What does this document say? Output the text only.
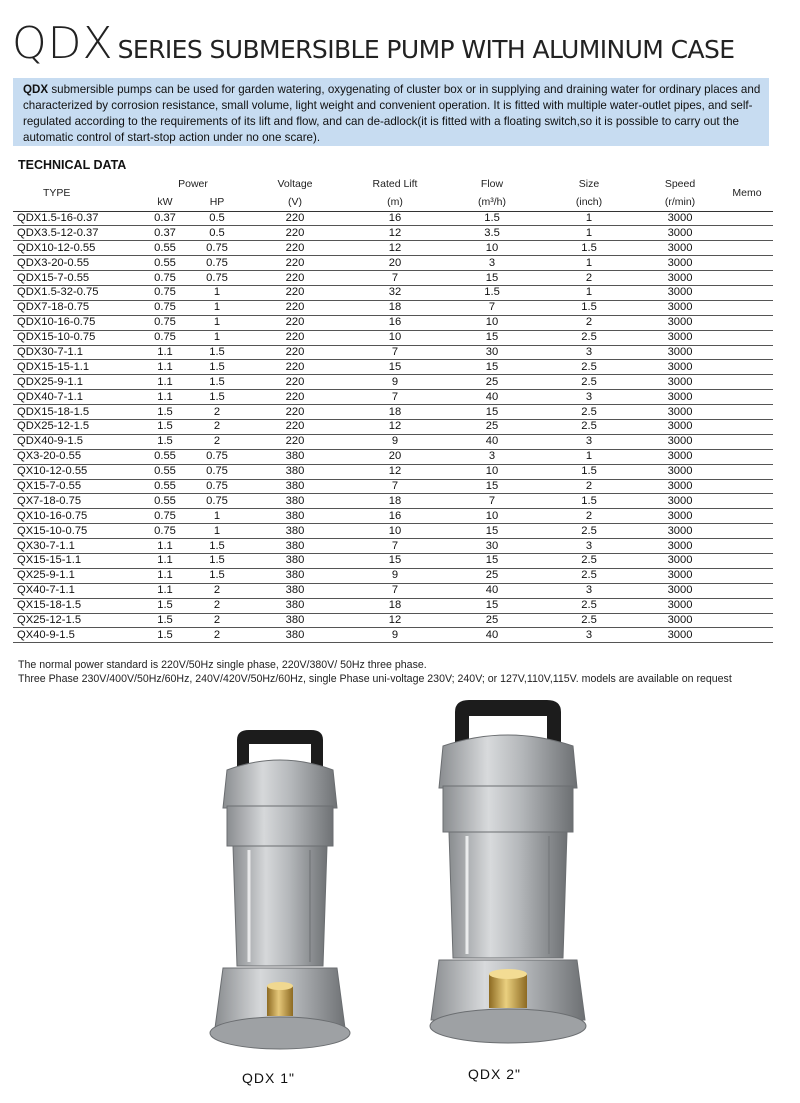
QDX SERIES SUBMERSIBLE PUMP WITH ALUMINUM CASE
QDX submersible pumps can be used for garden watering, oxygenating of cluster box or in supplying and draining water for ordinary places and characterized by corrosion resistance, small volume, light weight and convenient operation. It is fitted with multiple water-outlet pipes, and self-regulated according to the requirements of its lift and flow, and can de-adlock(it is fitted with a floating switch,so it is possible to carry out the automatic control of start-stop action under no one scare).
TECHNICAL DATA
TYPE	Power		Voltage	Rated Lift	Flow	Size	Speed	Memo
	kW	HP	(V)	(m)	(m³/h)	(inch)	(r/min)	
QDX1.5-16-0.37	0.37	0.5	220	16	1.5	1	3000	
QDX3.5-12-0.37	0.37	0.5	220	12	3.5	1	3000	
QDX10-12-0.55	0.55	0.75	220	12	10	1.5	3000	
QDX3-20-0.55	0.55	0.75	220	20	3	1	3000	
QDX15-7-0.55	0.75	0.75	220	7	15	2	3000	
QDX1.5-32-0.75	0.75	1	220	32	1.5	1	3000	
QDX7-18-0.75	0.75	1	220	18	7	1.5	3000	
QDX10-16-0.75	0.75	1	220	16	10	2	3000	
QDX15-10-0.75	0.75	1	220	10	15	2.5	3000	
QDX30-7-1.1	1.1	1.5	220	7	30	3	3000	
QDX15-15-1.1	1.1	1.5	220	15	15	2.5	3000	
QDX25-9-1.1	1.1	1.5	220	9	25	2.5	3000	
QDX40-7-1.1	1.1	1.5	220	7	40	3	3000	
QDX15-18-1.5	1.5	2	220	18	15	2.5	3000	
QDX25-12-1.5	1.5	2	220	12	25	2.5	3000	
QDX40-9-1.5	1.5	2	220	9	40	3	3000	
QX3-20-0.55	0.55	0.75	380	20	3	1	3000	
QX10-12-0.55	0.55	0.75	380	12	10	1.5	3000	
QX15-7-0.55	0.55	0.75	380	7	15	2	3000	
QX7-18-0.75	0.55	0.75	380	18	7	1.5	3000	
QX10-16-0.75	0.75	1	380	16	10	2	3000	
QX15-10-0.75	0.75	1	380	10	15	2.5	3000	
QX30-7-1.1	1.1	1.5	380	7	30	3	3000	
QX15-15-1.1	1.1	1.5	380	15	15	2.5	3000	
QX25-9-1.1	1.1	1.5	380	9	25	2.5	3000	
QX40-7-1.1	1.1	2	380	7	40	3	3000	
QX15-18-1.5	1.5	2	380	18	15	2.5	3000	
QX25-12-1.5	1.5	2	380	12	25	2.5	3000	
QX40-9-1.5	1.5	2	380	9	40	3	3000	
The normal power standard is 220V/50Hz single phase, 220V/380V/ 50Hz three phase.
Three Phase 230V/400V/50Hz/60Hz, 240V/420V/50Hz/60Hz, single Phase uni-voltage 230V; 240V; or 127V,110V,115V. models are available on request
QDX 1"	QDX 2"
